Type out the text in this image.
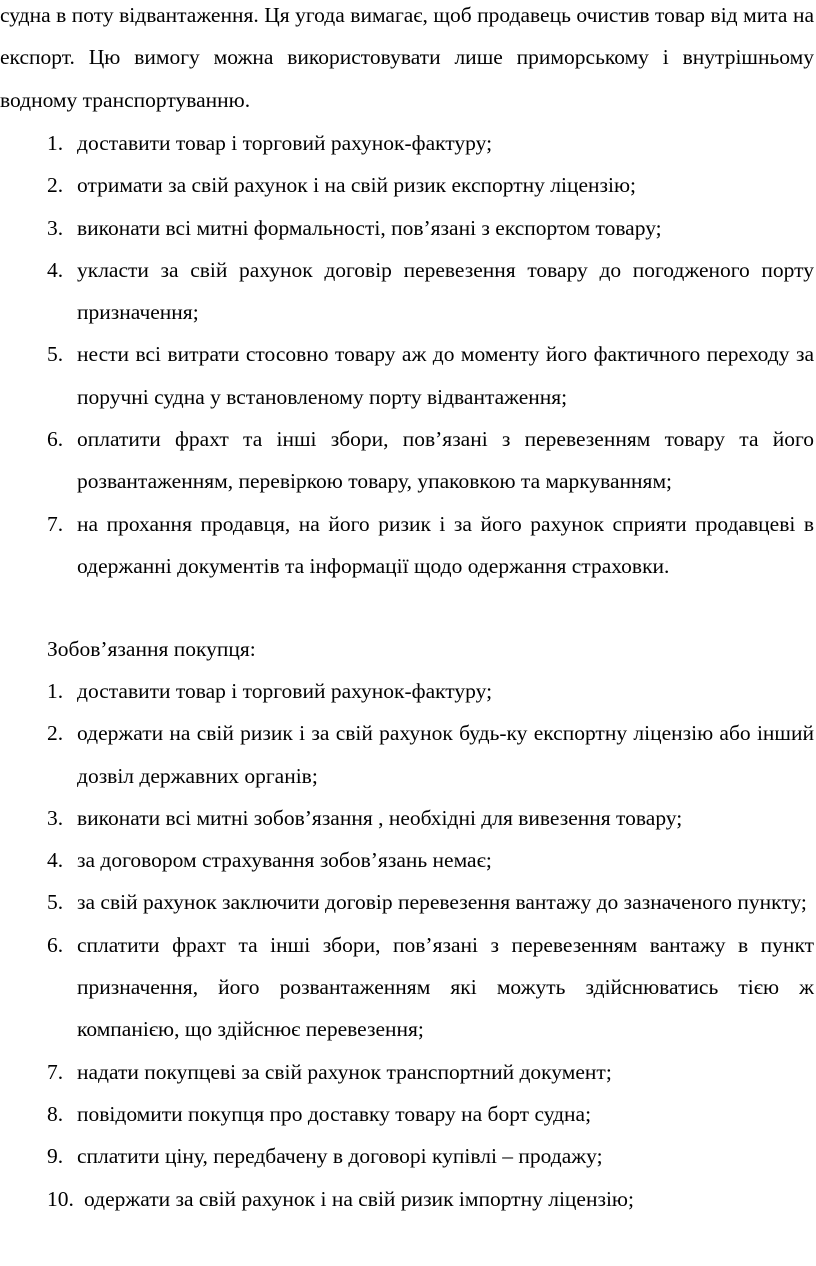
судна в поту відвантаження. Ця угода вимагає, щоб продавець очистив товар від мита на експорт. Цю вимогу можна використовувати лише приморському і внутрішньому водному транспортуванню.
1. доставити товар і торговий рахунок-фактуру;
2. отримати за свій рахунок і на свій ризик експортну ліцензію;
3. виконати всі митні формальності, пов’язані з експортом товару;
4. укласти за свій рахунок договір перевезення товару до погодженого порту призначення;
5. нести всі витрати стосовно товару аж до моменту його фактичного переходу за поручні судна у встановленому порту відвантаження;
6. оплатити фрахт та інші збори, пов’язані з перевезенням товару та його розвантаженням, перевіркою товару, упаковкою та маркуванням;
7. на прохання продавця, на його ризик і за його рахунок сприяти продавцеві в одержанні документів та інформації щодо одержання страховки.
Зобов’язання покупця:
1. доставити товар і торговий рахунок-фактуру;
2. одержати на свій ризик і за свій рахунок будь-ку експортну ліцензію або інший дозвіл державних органів;
3. виконати всі митні зобов’язання , необхідні для вивезення товару;
4. за договором страхування зобов’язань немає;
5. за свій рахунок заключити договір перевезення вантажу до зазначеного пункту;
6. сплатити фрахт та інші збори, пов’язані з перевезенням вантажу в пункт призначення, його розвантаженням які можуть здійснюватись тією ж компанією, що здійснює перевезення;
7. надати покупцеві за свій рахунок транспортний документ;
8. повідомити покупця про доставку товару на борт судна;
9. сплатити ціну, передбачену в договорі купівлі – продажу;
10. одержати за свій рахунок і на свій ризик імпортну ліцензію;
